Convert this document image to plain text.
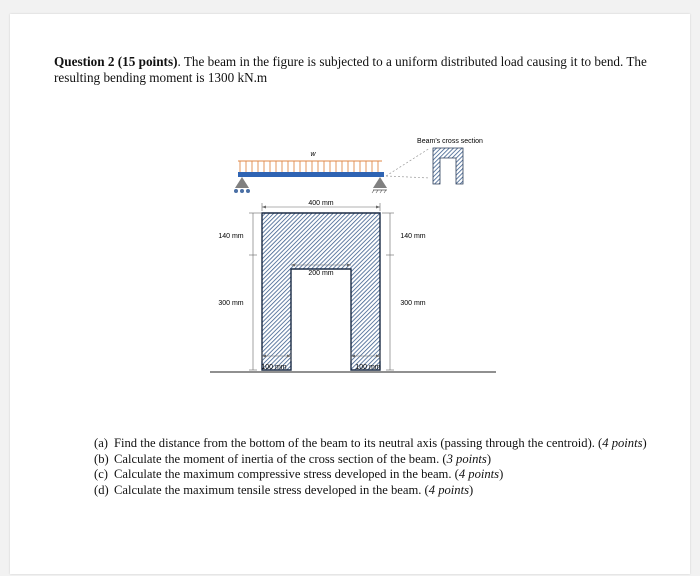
Question 2 (15 points). The beam in the figure is subjected to a uniform distributed load causing it to bend. The resulting bending moment is 1300 kN.m
w
Beam's cross section
400 mm
140 mm
300 mm
140 mm
300 mm
200 mm
100 mm	100 mm
(a) Find the distance from the bottom of the beam to its neutral axis (passing through the centroid). (4 points)
(b) Calculate the moment of inertia of the cross section of the beam. (3 points)
(c) Calculate the maximum compressive stress developed in the beam. (4 points)
(d) Calculate the maximum tensile stress developed in the beam. (4 points)
